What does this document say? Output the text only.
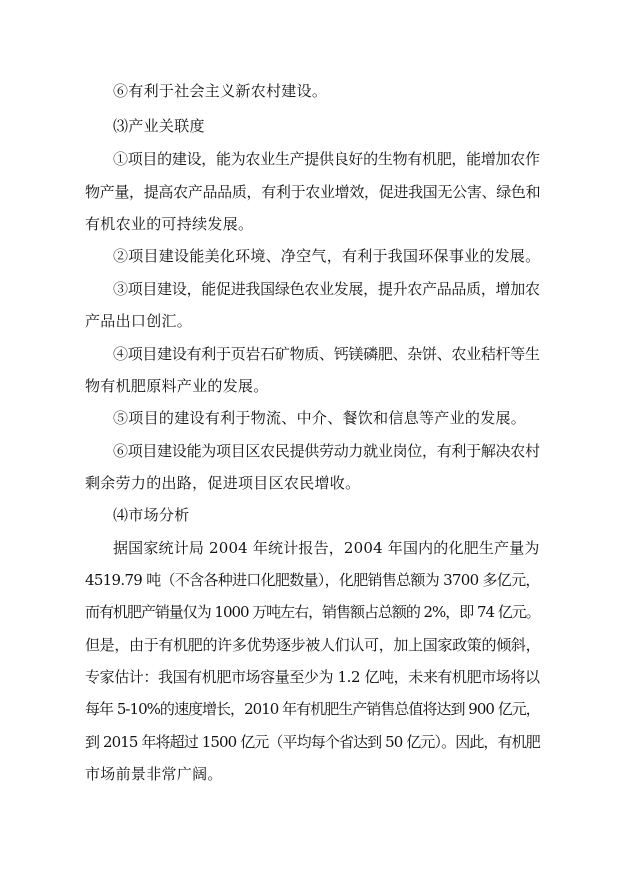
⑥有利于社会主义新农村建设。
⑶产业关联度
①项目的建设，能为农业生产提供良好的生物有机肥，能增加农作
物产量，提高农产品品质，有利于农业增效，促进我国无公害、绿色和
有机农业的可持续发展。
②项目建设能美化环境、净空气，有利于我国环保事业的发展。
③项目建设，能促进我国绿色农业发展，提升农产品品质，增加农
产品出口创汇。
④项目建设有利于页岩石矿物质、钙镁磷肥、杂饼、农业秸杆等生
物有机肥原料产业的发展。
⑤项目的建设有利于物流、中介、餐饮和信息等产业的发展。
⑥项目建设能为项目区农民提供劳动力就业岗位，有利于解决农村
剩余劳力的出路，促进项目区农民增收。
⑷市场分析
据国家统计局 2004 年统计报告，2004 年国内的化肥生产量为
4519.79 吨（不含各种进口化肥数量），化肥销售总额为 3700 多亿元，
而有机肥产销量仅为 1000 万吨左右，销售额占总额的 2%，即 74 亿元。
但是，由于有机肥的许多优势逐步被人们认可，加上国家政策的倾斜，
专家估计：我国有机肥市场容量至少为 1.2 亿吨，未来有机肥市场将以
每年 5-10%的速度增长，2010 年有机肥生产销售总值将达到 900 亿元，
到 2015 年将超过 1500 亿元（平均每个省达到 50 亿元）。因此，有机肥
市场前景非常广阔。
